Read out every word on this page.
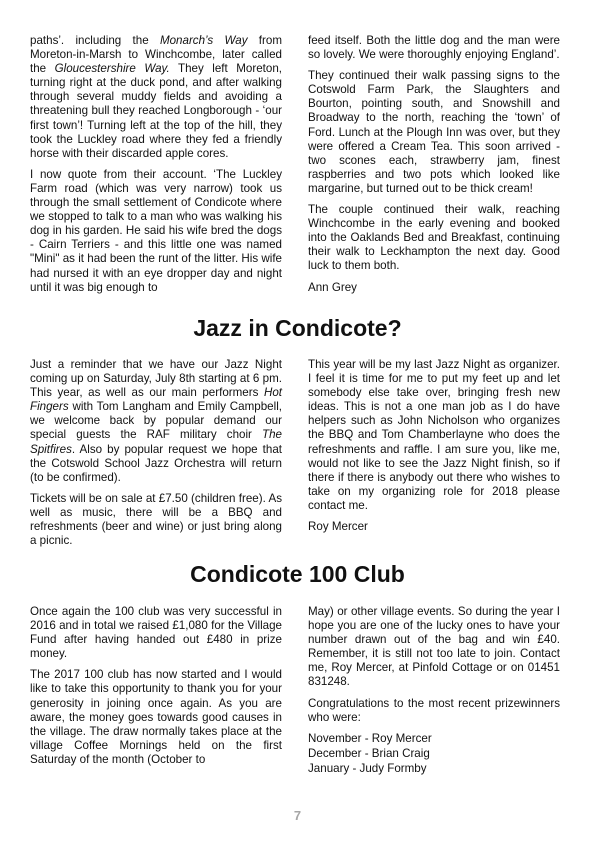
paths’. including the Monarch’s Way from Moreton-in-Marsh to Winchcombe, later called the Gloucestershire Way. They left Moreton, turning right at the duck pond, and after walking through several muddy fields and avoiding a threatening bull they reached Longborough - ‘our first town’! Turning left at the top of the hill, they took the Luckley road where they fed a friendly horse with their discarded apple cores.

I now quote from their account. ‘The Luckley Farm road (which was very narrow) took us through the small settlement of Condicote where we stopped to talk to a man who was walking his dog in his garden. He said his wife bred the dogs - Cairn Terriers - and this little one was named "Mini" as it had been the runt of the litter. His wife had nursed it with an eye dropper day and night until it was big enough to

feed itself. Both the little dog and the man were so lovely. We were thoroughly enjoying England’.

They continued their walk passing signs to the Cotswold Farm Park, the Slaughters and Bourton, pointing south, and Snowshill and Broadway to the north, reaching the ‘town’ of Ford. Lunch at the Plough Inn was over, but they were offered a Cream Tea. This soon arrived - two scones each, strawberry jam, finest raspberries and two pots which looked like margarine, but turned out to be thick cream!

The couple continued their walk, reaching Winchcombe in the early evening and booked into the Oaklands Bed and Breakfast, continuing their walk to Leckhampton the next day. Good luck to them both.

Ann Grey

Jazz in Condicote?

Just a reminder that we have our Jazz Night coming up on Saturday, July 8th starting at 6 pm. This year, as well as our main performers Hot Fingers with Tom Langham and Emily Campbell, we welcome back by popular demand our special guests the RAF military choir The Spitfires. Also by popular request we hope that the Cotswold School Jazz Orchestra will return (to be confirmed).

Tickets will be on sale at £7.50 (children free). As well as music, there will be a BBQ and refreshments (beer and wine) or just bring along a picnic.

This year will be my last Jazz Night as organizer. I feel it is time for me to put my feet up and let somebody else take over, bringing fresh new ideas. This is not a one man job as I do have helpers such as John Nicholson who organizes the BBQ and Tom Chamberlayne who does the refreshments and raffle. I am sure you, like me, would not like to see the Jazz Night finish, so if there if there is anybody out there who wishes to take on my organizing role for 2018 please contact me.

Roy Mercer

Condicote 100 Club

Once again the 100 club was very successful in 2016 and in total we raised £1,080 for the Village Fund after having handed out £480 in prize money.

The 2017 100 club has now started and I would like to take this opportunity to thank you for your generosity in joining once again. As you are aware, the money goes towards good causes in the village. The draw normally takes place at the village Coffee Mornings held on the first Saturday of the month (October to

May) or other village events. So during the year I hope you are one of the lucky ones to have your number drawn out of the bag and win £40. Remember, it is still not too late to join. Contact me, Roy Mercer, at Pinfold Cottage or on 01451 831248.

Congratulations to the most recent prizewinners who were:

November - Roy Mercer

December - Brian Craig

January - Judy Formby

7
